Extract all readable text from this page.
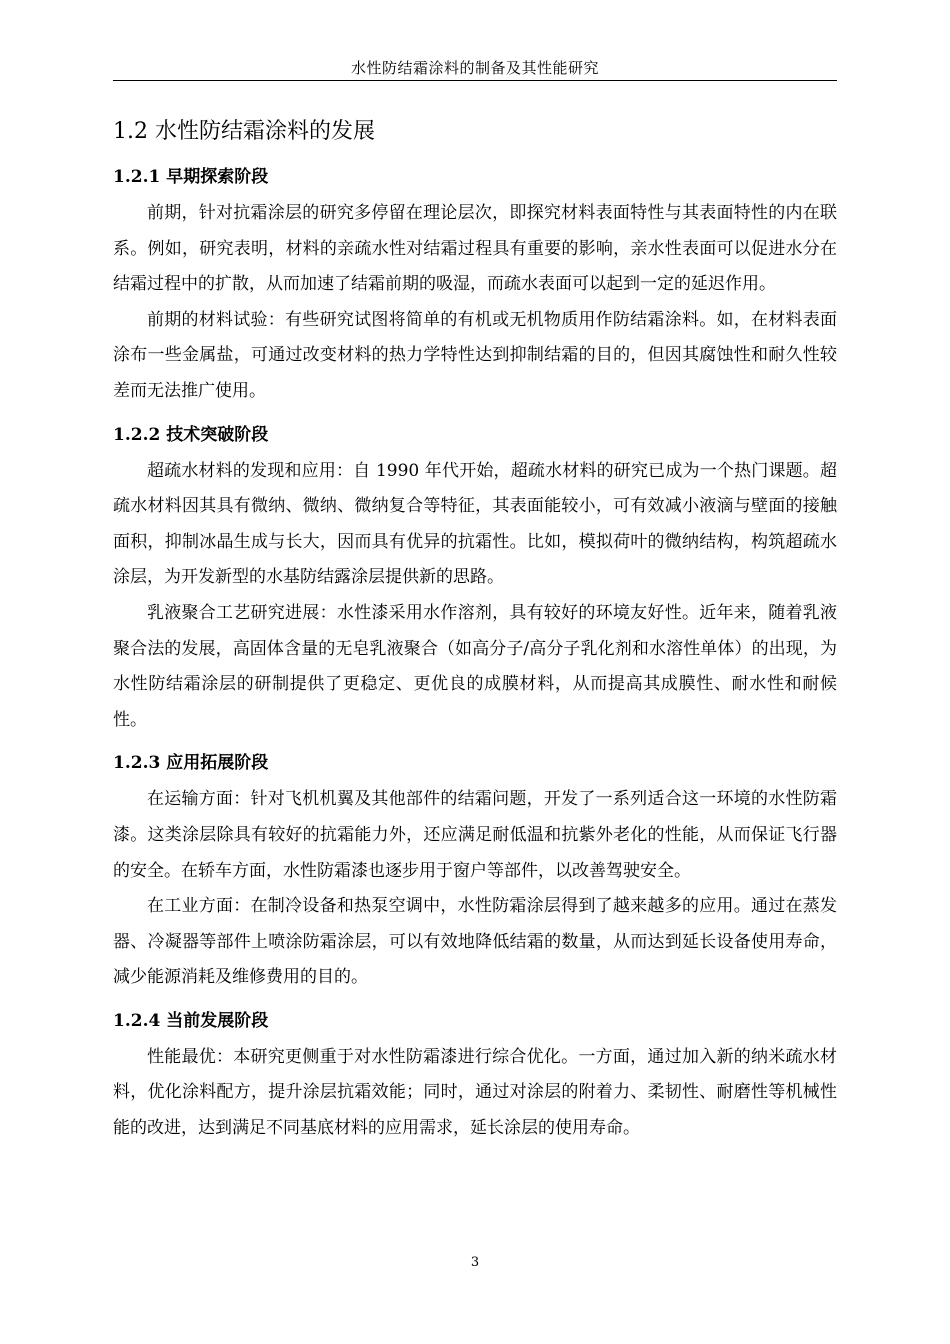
水性防结霜涂料的制备及其性能研究
1.2 水性防结霜涂料的发展
1.2.1 早期探索阶段

前期，针对抗霜涂层的研究多停留在理论层次，即探究材料表面特性与其表面特性的内在联系。例如，研究表明，材料的亲疏水性对结霜过程具有重要的影响，亲水性表面可以促进水分在结霜过程中的扩散，从而加速了结霜前期的吸湿，而疏水表面可以起到一定的延迟作用。

前期的材料试验：有些研究试图将简单的有机或无机物质用作防结霜涂料。如，在材料表面涂布一些金属盐，可通过改变材料的热力学特性达到抑制结霜的目的，但因其腐蚀性和耐久性较差而无法推广使用。

1.2.2 技术突破阶段

超疏水材料的发现和应用：自 1990 年代开始，超疏水材料的研究已成为一个热门课题。超疏水材料因其具有微纳、微纳、微纳复合等特征，其表面能较小，可有效减小液滴与壁面的接触面积，抑制冰晶生成与长大，因而具有优异的抗霜性。比如，模拟荷叶的微纳结构，构筑超疏水涂层，为开发新型的水基防结露涂层提供新的思路。

乳液聚合工艺研究进展：水性漆采用水作溶剂，具有较好的环境友好性。近年来，随着乳液聚合法的发展，高固体含量的无皂乳液聚合（如高分子/高分子乳化剂和水溶性单体）的出现，为水性防结霜涂层的研制提供了更稳定、更优良的成膜材料，从而提高其成膜性、耐水性和耐候性。

1.2.3 应用拓展阶段

在运输方面：针对飞机机翼及其他部件的结霜问题，开发了一系列适合这一环境的水性防霜漆。这类涂层除具有较好的抗霜能力外，还应满足耐低温和抗紫外老化的性能，从而保证飞行器的安全。在轿车方面，水性防霜漆也逐步用于窗户等部件，以改善驾驶安全。

在工业方面：在制冷设备和热泵空调中，水性防霜涂层得到了越来越多的应用。通过在蒸发器、冷凝器等部件上喷涂防霜涂层，可以有效地降低结霜的数量，从而达到延长设备使用寿命，减少能源消耗及维修费用的目的。

1.2.4 当前发展阶段

性能最优：本研究更侧重于对水性防霜漆进行综合优化。一方面，通过加入新的纳米疏水材料，优化涂料配方，提升涂层抗霜效能；同时，通过对涂层的附着力、柔韧性、耐磨性等机械性能的改进，达到满足不同基底材料的应用需求，延长涂层的使用寿命。

3
